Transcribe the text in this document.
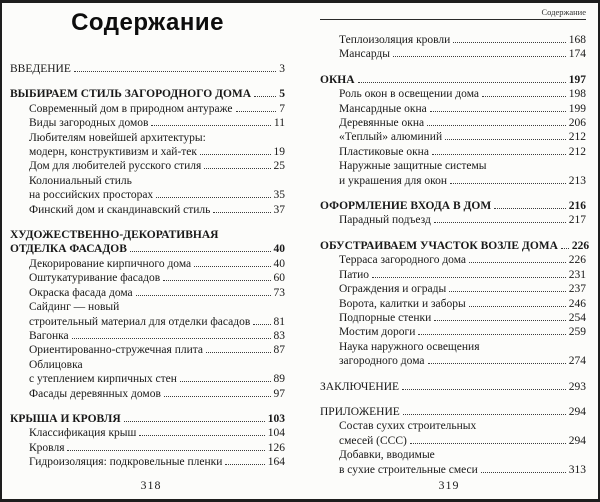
Содержание
ВВЕДЕНИЕ	3
ВЫБИРАЕМ СТИЛЬ ЗАГОРОДНОГО ДОМА 5
Современный дом в природном антураже	7
Виды загородных домов	11
Любителям новейшей архитектуры:
модерн, конструктивизм и хай-тек	19
Дом для любителей русского стиля	25
Колониальный стиль
на российских просторах	35
Финский дом и скандинавский стиль	37
ХУДОЖЕСТВЕННО-ДЕКОРАТИВНАЯ
ОТДЕЛКА ФАСАДОВ	40
Декорирование кирпичного дома	40
Оштукатуривание фасадов	60
Окраска фасада дома	73
Сайдинг — новый
строительный материал для отделки фасадов 81
Вагонка	83
Ориентированно-стружечная плита	87
Облицовка
с утеплением кирпичных стен	89
Фасады деревянных домов	97
КРЫША И КРОВЛЯ	103
Классификация крыш	104
Кровля	126
Гидроизоляция: подкровельные пленки	164
318
Содержание
Теплоизоляция кровли	168
Мансарды	174
ОКНА	197
Роль окон в освещении дома	198
Мансардные окна	199
Деревянные окна	206
«Теплый» алюминий	212
Пластиковые окна	212
Наружные защитные системы
и украшения для окон	213
ОФОРМЛЕНИЕ ВХОДА В ДОМ	216
Парадный подъезд	217
ОБУСТРАИВАЕМ УЧАСТОК ВОЗЛЕ ДОМА 226
Терраса загородного дома	226
Патио	231
Ограждения и ограды	237
Ворота, калитки и заборы	246
Подпорные стенки	254
Мостим дороги	259
Наука наружного освещения
загородного дома	274
ЗАКЛЮЧЕНИЕ	293
ПРИЛОЖЕНИЕ	294
Состав сухих строительных
смесей (ССС)	294
Добавки, вводимые
в сухие строительные смеси	313
319
